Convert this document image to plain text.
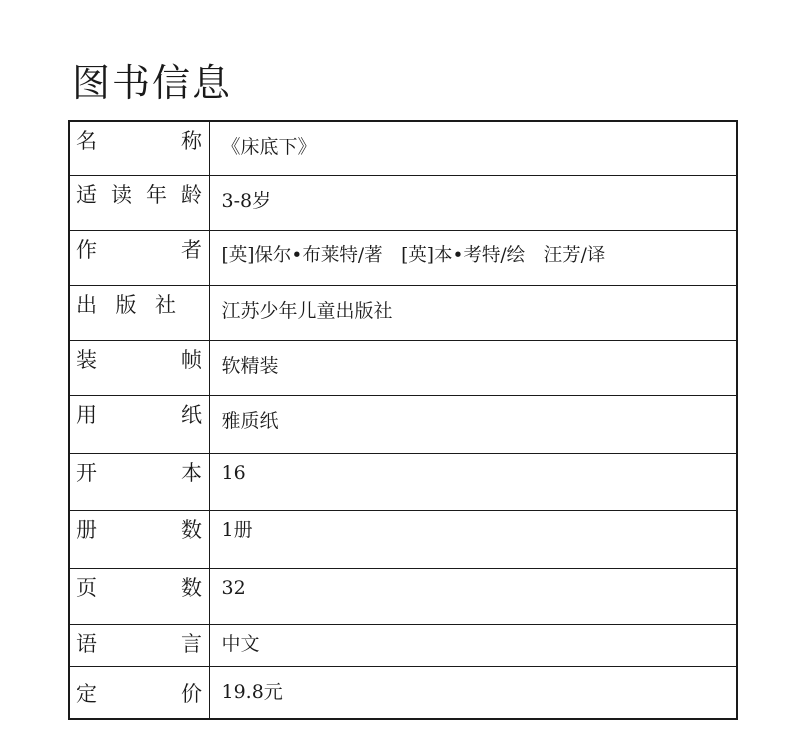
图书信息
名　　　称	《床底下》

适读年龄	3-8岁

作　　　者	[英]保尔•布莱特/著　[英]本•考特/绘　汪芳/译

出 版 社	江苏少年儿童出版社

装　　　帧	软精装

用　　　纸	雅质纸

开　　　本	16

册　　　数	1册

页　　　数	32

语　　　言	中文

定　　　价	19.8元
